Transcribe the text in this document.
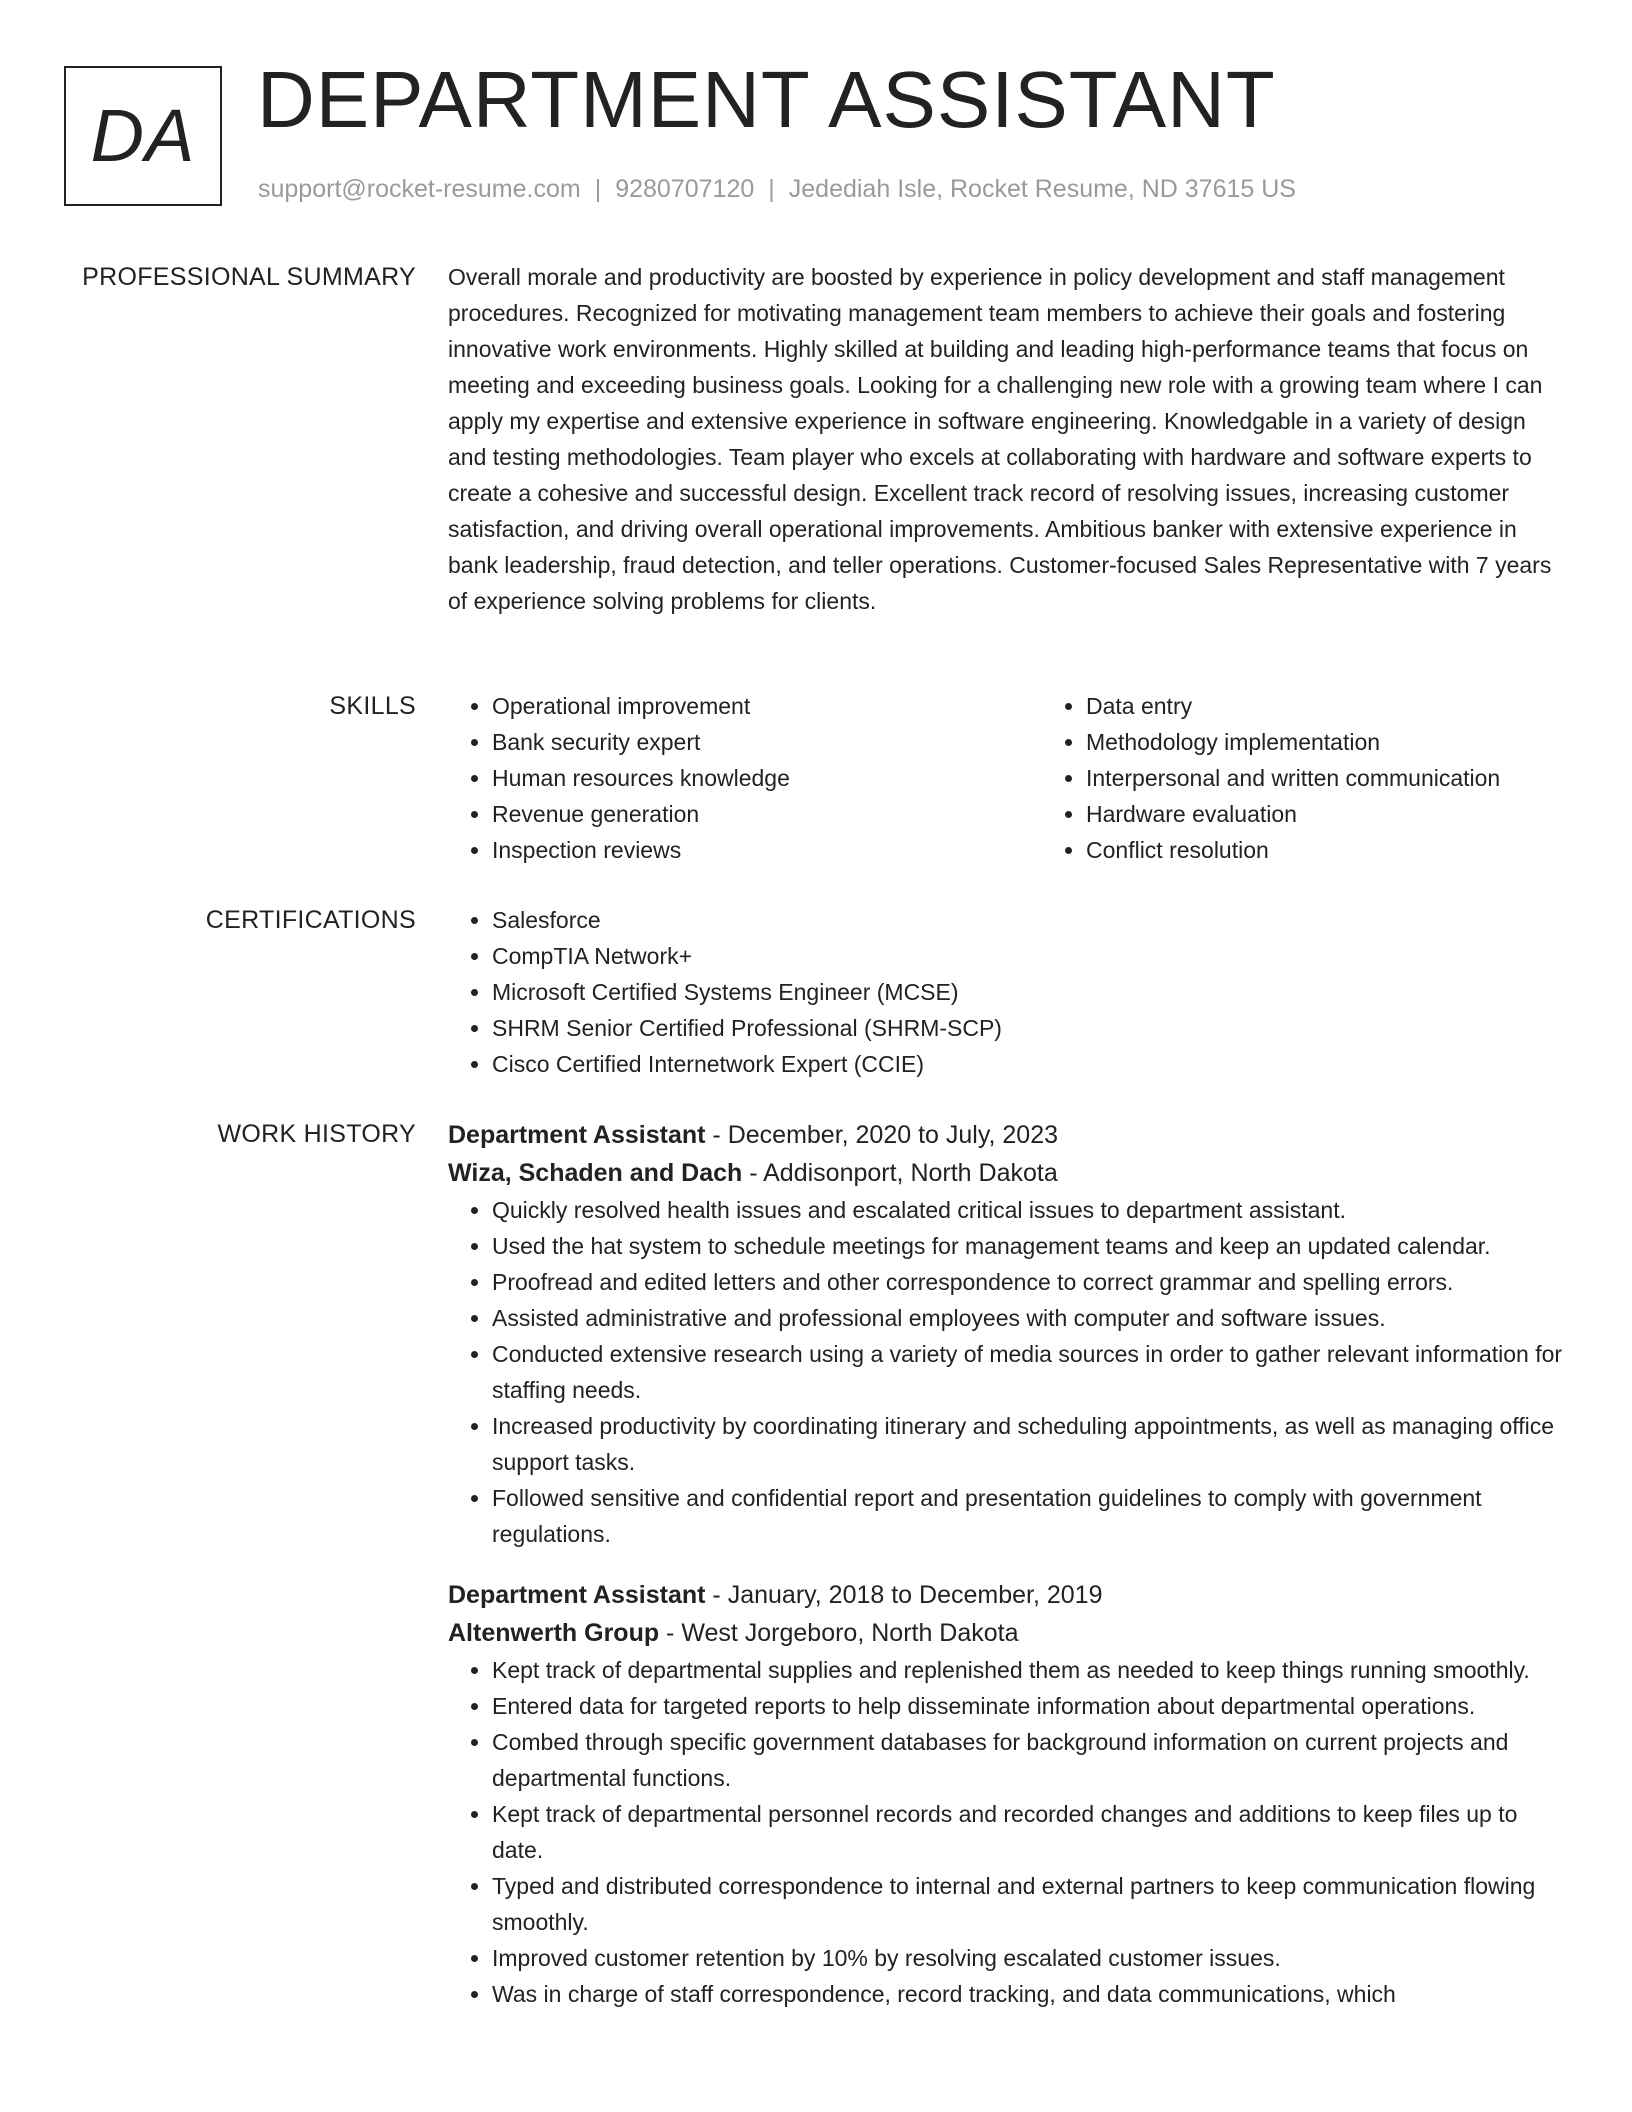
DA DEPARTMENT ASSISTANT
support@rocket-resume.com | 9280707120 | Jedediah Isle, Rocket Resume, ND 37615 US
PROFESSIONAL SUMMARY Overall morale and productivity are boosted by experience in policy development and staff management procedures. Recognized for motivating management team members to achieve their goals and fostering innovative work environments. Highly skilled at building and leading high-performance teams that focus on meeting and exceeding business goals. Looking for a challenging new role with a growing team where I can apply my expertise and extensive experience in software engineering. Knowledgable in a variety of design and testing methodologies. Team player who excels at collaborating with hardware and software experts to create a cohesive and successful design. Excellent track record of resolving issues, increasing customer satisfaction, and driving overall operational improvements. Ambitious banker with extensive experience in bank leadership, fraud detection, and teller operations. Customer-focused Sales Representative with 7 years of experience solving problems for clients.

SKILLS	• Operational improvement
• Bank security expert
• Human resources knowledge
• Revenue generation
• Inspection reviews
• Data entry
• Methodology implementation
• Interpersonal and written communication
• Hardware evaluation
• Conflict resolution
CERTIFICATIONS	• Salesforce
• CompTIA Network+
• Microsoft Certified Systems Engineer (MCSE)
• SHRM Senior Certified Professional (SHRM-SCP)
• Cisco Certified Internetwork Expert (CCIE)
WORK HISTORY Department Assistant - December, 2020 to July, 2023
Wiza, Schaden and Dach - Addisonport, North Dakota
• Quickly resolved health issues and escalated critical issues to department assistant.
• Used the hat system to schedule meetings for management teams and keep an updated calendar.
• Proofread and edited letters and other correspondence to correct grammar and spelling errors.
• Assisted administrative and professional employees with computer and software issues.
• Conducted extensive research using a variety of media sources in order to gather relevant information for staffing needs.
• Increased productivity by coordinating itinerary and scheduling appointments, as well as managing office support tasks.
• Followed sensitive and confidential report and presentation guidelines to comply with government regulations.
Department Assistant - January, 2018 to December, 2019
Altenwerth Group - West Jorgeboro, North Dakota
• Kept track of departmental supplies and replenished them as needed to keep things running smoothly.
• Entered data for targeted reports to help disseminate information about departmental operations.
• Combed through specific government databases for background information on current projects and departmental functions.
• Kept track of departmental personnel records and recorded changes and additions to keep files up to date.
• Typed and distributed correspondence to internal and external partners to keep communication flowing smoothly.
• Improved customer retention by 10% by resolving escalated customer issues.
• Was in charge of staff correspondence, record tracking, and data communications, which
